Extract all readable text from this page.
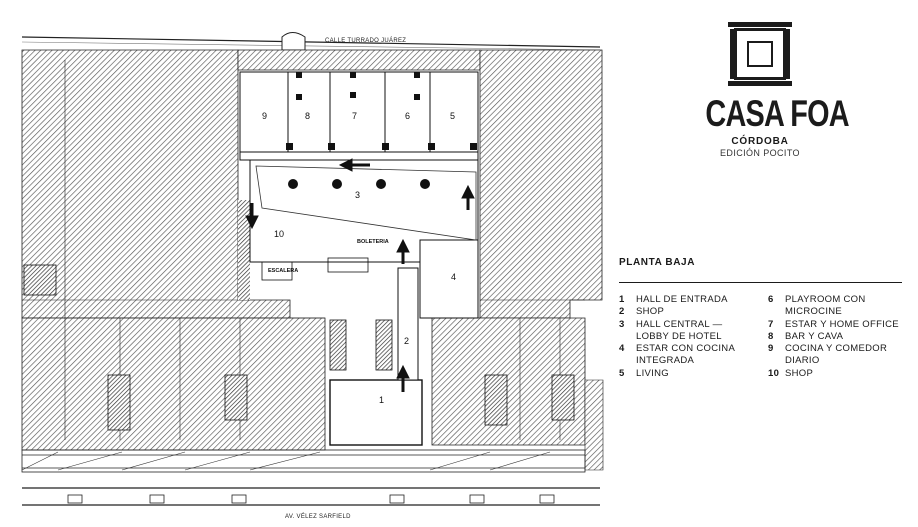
CALLE TURRADO JUÁREZ
AV. VÉLEZ SARFIELD
BOLETERIA
ESCALERA
1
2
3
4
5
6
7
8
9
10
CASA FOA
CÓRDOBA
EDICIÓN POCITO
PLANTA BAJA
1	HALL DE ENTRADA
2	SHOP
3	HALL CENTRAL —
LOBBY DE HOTEL
4	ESTAR CON COCINA
INTEGRADA
5	LIVING
6	PLAYROOM CON
MICROCINE
7	ESTAR Y HOME OFFICE
8	BAR Y CAVA
9	COCINA Y COMEDOR
DIARIO
10 SHOP
